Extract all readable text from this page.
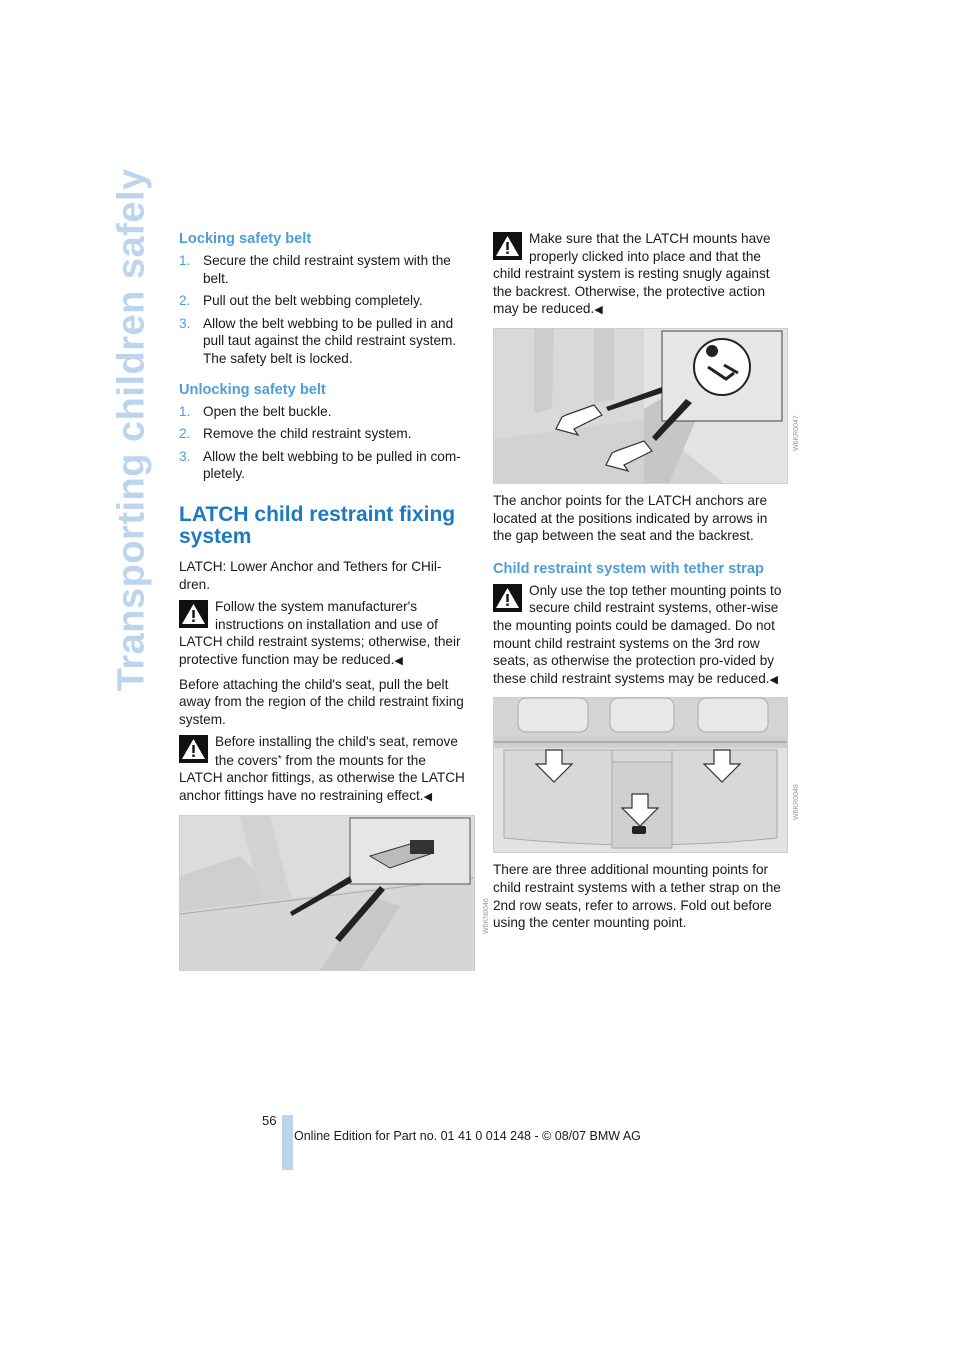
Transporting children safely Locking safety belt
1. Secure the child restraint system with the belt.
2. Pull out the belt webbing completely.
3. Allow the belt webbing to be pulled in and pull taut against the child restraint system. The safety belt is locked.
Unlocking safety belt
1. Open the belt buckle.
2. Remove the child restraint system.
3. Allow the belt webbing to be pulled in com-pletely.
LATCH child restraint fixing system

LATCH: Lower Anchor and Tethers for CHil-dren.

Follow the system manufacturer's instructions on installation and use of LATCH child restraint systems; otherwise, their protective function may be reduced.◀

Before attaching the child's seat, pull the belt away from the region of the child restraint fixing system.

Before installing the child's seat, remove the covers* from the mounts for the LATCH anchor fittings, as otherwise the LATCH anchor fittings have no restraining effect.◀
W6KN0046
Make sure that the LATCH mounts have properly clicked into place and that the child restraint system is resting snugly against the backrest. Otherwise, the protective action may be reduced.◀
W6KR0047

The anchor points for the LATCH anchors are located at the positions indicated by arrows in the gap between the seat and the backrest.

Child restraint system with tether strap
Only use the top tether mounting points to secure child restraint systems, other-wise the mounting points could be damaged. Do not mount child restraint systems on the 3rd row seats, as otherwise the protection pro-vided by these child restraint systems may be reduced.◀
W6KR0048

There are three additional mounting points for child restraint systems with a tether strap on the 2nd row seats, refer to arrows. Fold out before using the center mounting point.

56
Online Edition for Part no. 01 41 0 014 248 - © 08/07 BMW AG
